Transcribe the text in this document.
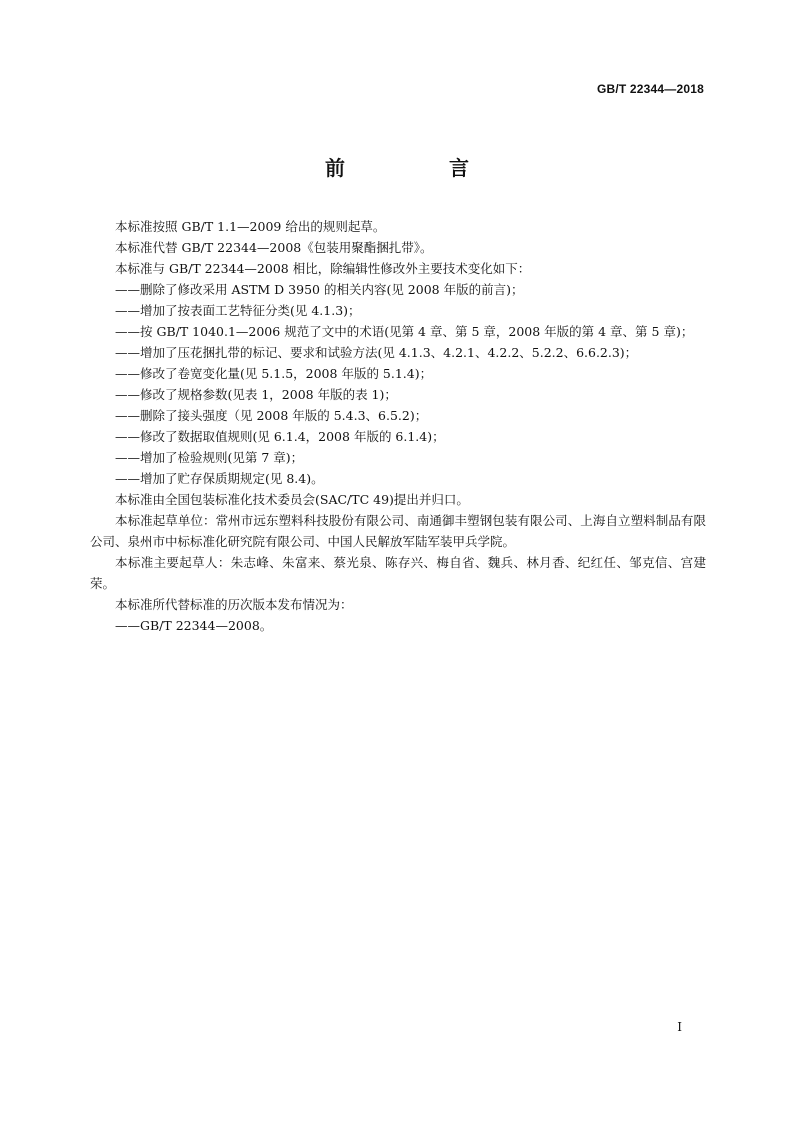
GB/T 22344—2018
前　言

本标准按照 GB/T 1.1—2009 给出的规则起草。

本标准代替 GB/T 22344—2008《包装用聚酯捆扎带》。

本标准与 GB/T 22344—2008 相比，除编辑性修改外主要技术变化如下：

——删除了修改采用 ASTM D 3950 的相关内容(见 2008 年版的前言)；

——增加了按表面工艺特征分类(见 4.1.3)；

——按 GB/T 1040.1—2006 规范了文中的术语(见第 4 章、第 5 章，2008 年版的第 4 章、第 5 章)；

——增加了压花捆扎带的标记、要求和试验方法(见 4.1.3、4.2.1、4.2.2、5.2.2、6.6.2.3)；

——修改了卷宽变化量(见 5.1.5，2008 年版的 5.1.4)；

——修改了规格参数(见表 1，2008 年版的表 1)；

——删除了接头强度（见 2008 年版的 5.4.3、6.5.2)；

——修改了数据取值规则(见 6.1.4，2008 年版的 6.1.4)；

——增加了检验规则(见第 7 章)；

——增加了贮存保质期规定(见 8.4)。

本标准由全国包装标准化技术委员会(SAC/TC 49)提出并归口。

本标准起草单位：常州市远东塑料科技股份有限公司、南通御丰塑钢包装有限公司、上海自立塑料制品有限公司、泉州市中标标准化研究院有限公司、中国人民解放军陆军装甲兵学院。

本标准主要起草人：朱志峰、朱富来、蔡光泉、陈存兴、梅自省、魏兵、林月香、纪红任、邹克信、宫建荣。

本标准所代替标准的历次版本发布情况为：

——GB/T 22344—2008。

I
